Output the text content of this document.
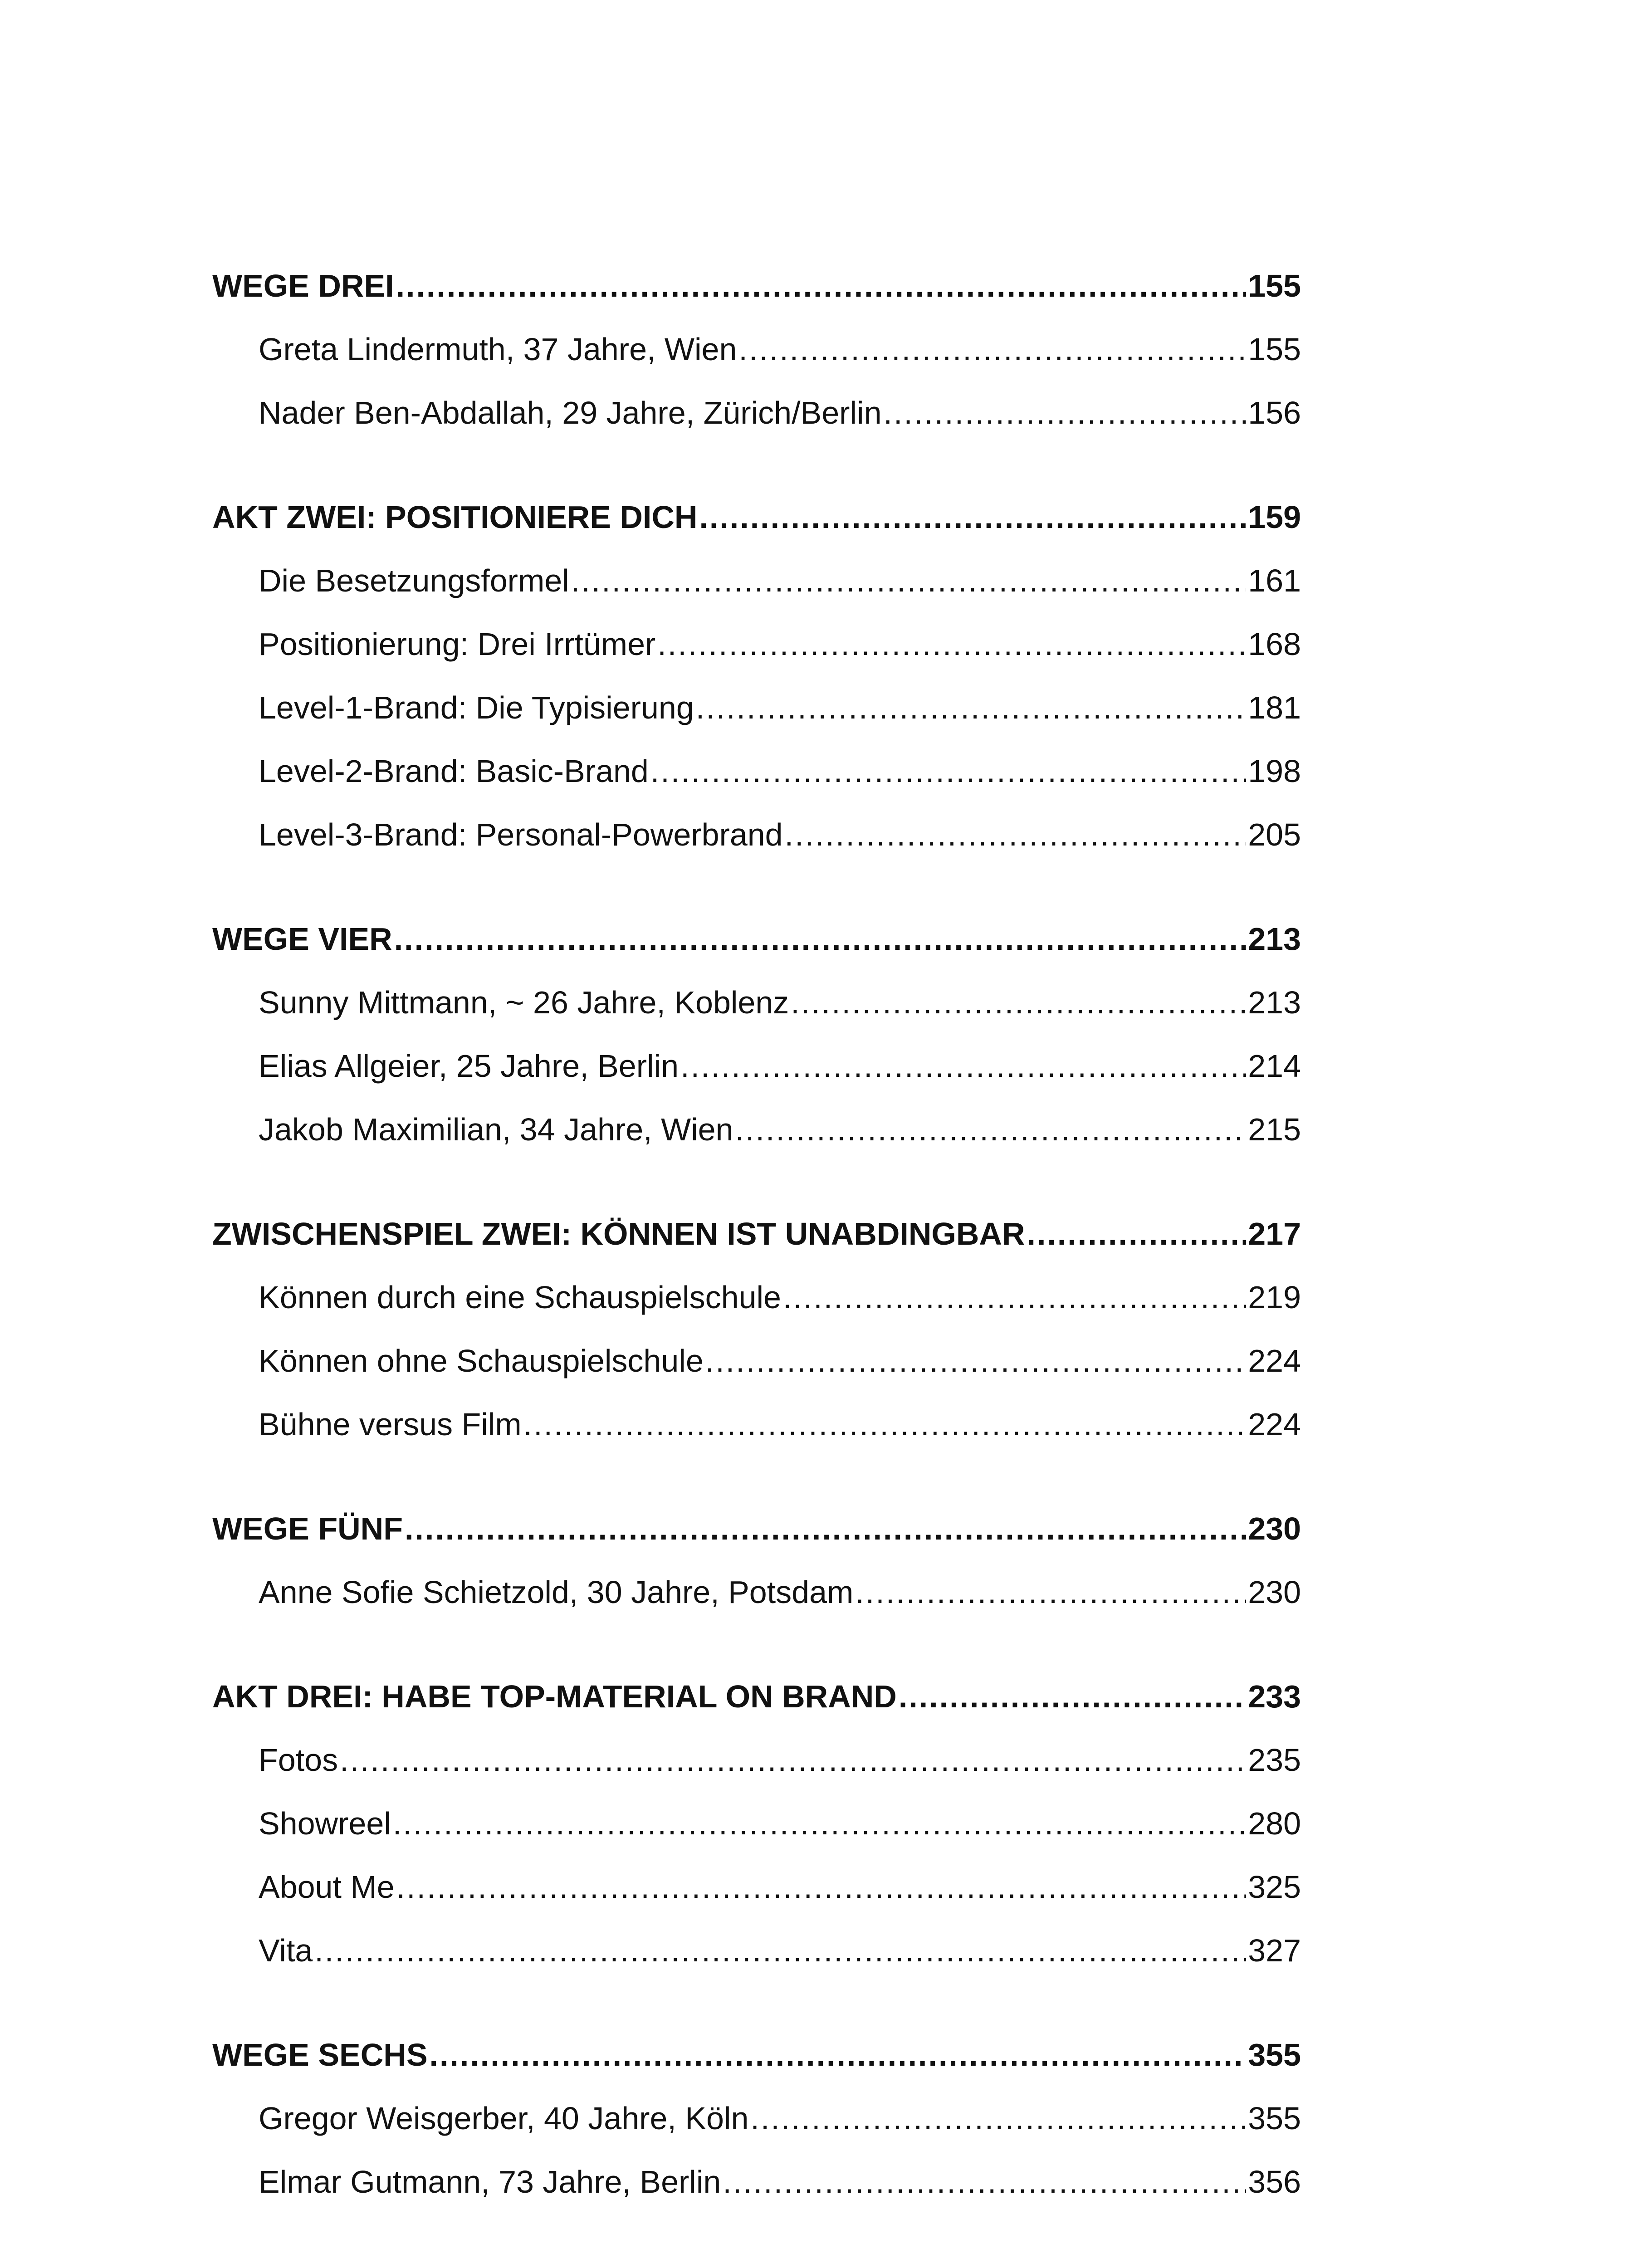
WEGE DREI .....	155
Greta Lindermuth, 37 Jahre, Wien .....	155
Nader Ben-Abdallah, 29 Jahre, Zürich/Berlin .....	156
AKT ZWEI: POSITIONIERE DICH .....	159
Die Besetzungsformel .....	161
Positionierung: Drei Irrtümer .....	168
Level-1-Brand: Die Typisierung .....	181
Level-2-Brand: Basic-Brand .....	198
Level-3-Brand: Personal-Powerbrand .....	205
WEGE VIER .....	213
Sunny Mittmann, ~ 26 Jahre, Koblenz .....	213
Elias Allgeier, 25 Jahre, Berlin .....	214
Jakob Maximilian, 34 Jahre, Wien .....	215
ZWISCHENSPIEL ZWEI: KÖNNEN IST UNABDINGBAR .....	217
Können durch eine Schauspielschule .....	219
Können ohne Schauspielschule .....	224
Bühne versus Film .....	224
WEGE FÜNF .....	230
Anne Sofie Schietzold, 30 Jahre, Potsdam .....	230
AKT DREI: HABE TOP-MATERIAL ON BRAND .....	233
Fotos .....	235
Showreel .....	280
About Me .....	325
Vita .....	327
WEGE SECHS .....	355
Gregor Weisgerber, 40 Jahre, Köln .....	355
Elmar Gutmann, 73 Jahre, Berlin .....	356
